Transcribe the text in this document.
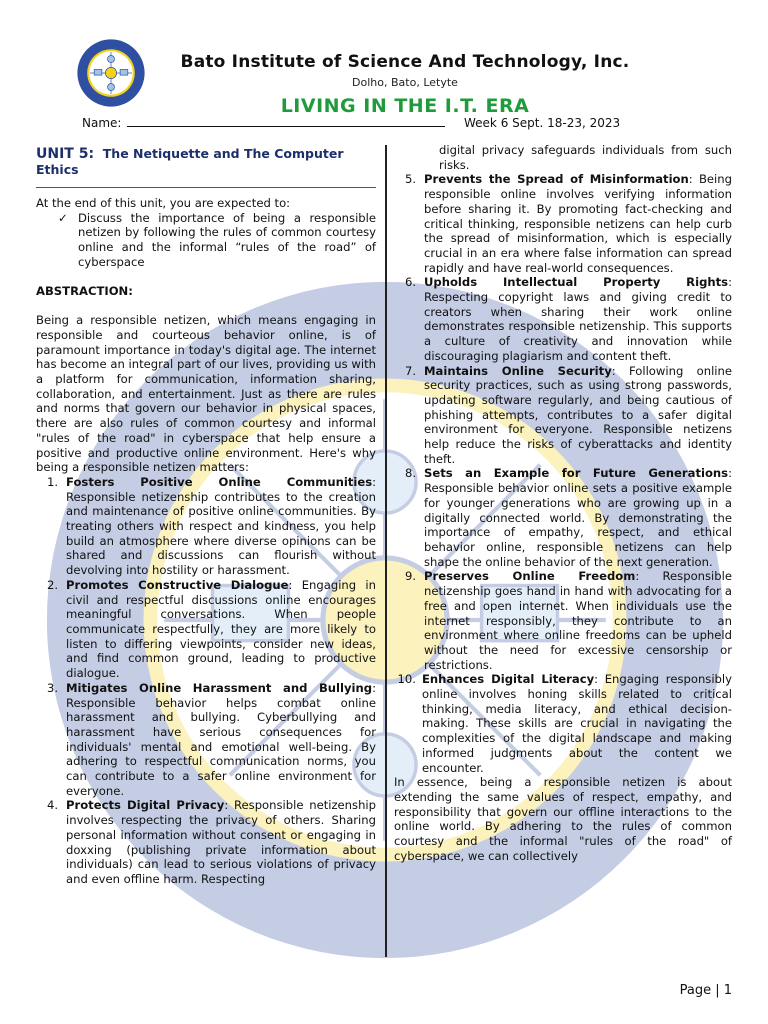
Bato Institute of Science And Technology, Inc.
Dolho, Bato, Letyte
LIVING IN THE I.T. ERA
Name:	Week 6 Sept. 18-23, 2023
UNIT 5: The Netiquette and The Computer Ethics

At the end of this unit, you are expected to:

✓ Discuss the importance of being a responsible netizen by following the rules of common courtesy online and the informal “rules of the road” of cyberspace
ABSTRACTION:

Being a responsible netizen, which means engaging in responsible and courteous behavior online, is of paramount importance in today's digital age. The internet has become an integral part of our lives, providing us with a platform for communication, information sharing, collaboration, and entertainment. Just as there are rules and norms that govern our behavior in physical spaces, there are also rules of common courtesy and informal "rules of the road" in cyberspace that help ensure a positive and productive online environment. Here's why being a responsible netizen matters:

1. Fosters Positive Online Communities: Responsible netizenship contributes to the creation and maintenance of positive online communities. By treating others with respect and kindness, you help build an atmosphere where diverse opinions can be shared and discussions can flourish without devolving into hostility or harassment.
2. Promotes Constructive Dialogue: Engaging in civil and respectful discussions online encourages meaningful conversations. When people communicate respectfully, they are more likely to listen to differing viewpoints, consider new ideas, and find common ground, leading to productive dialogue.
3. Mitigates Online Harassment and Bullying: Responsible behavior helps combat online harassment and bullying. Cyberbullying and harassment have serious consequences for individuals' mental and emotional well-being. By adhering to respectful communication norms, you can contribute to a safer online environment for everyone.
4. Protects Digital Privacy: Responsible netizenship involves respecting the privacy of others. Sharing personal information without consent or engaging in doxxing (publishing private information about individuals) can lead to serious violations of privacy and even offline harm. Respecting

digital privacy safeguards individuals from such risks.

5. Prevents the Spread of Misinformation: Being responsible online involves verifying information before sharing it. By promoting fact-checking and critical thinking, responsible netizens can help curb the spread of misinformation, which is especially crucial in an era where false information can spread rapidly and have real-world consequences.
6. Upholds Intellectual Property Rights: Respecting copyright laws and giving credit to creators when sharing their work online demonstrates responsible netizenship. This supports a culture of creativity and innovation while discouraging plagiarism and content theft.
7. Maintains Online Security: Following online security practices, such as using strong passwords, updating software regularly, and being cautious of phishing attempts, contributes to a safer digital environment for everyone. Responsible netizens help reduce the risks of cyberattacks and identity theft.
8. Sets an Example for Future Generations: Responsible behavior online sets a positive example for younger generations who are growing up in a digitally connected world. By demonstrating the importance of empathy, respect, and ethical behavior online, responsible netizens can help shape the online behavior of the next generation.
9. Preserves Online Freedom: Responsible netizenship goes hand in hand with advocating for a free and open internet. When individuals use the internet responsibly, they contribute to an environment where online freedoms can be upheld without the need for excessive censorship or restrictions.
10. Enhances Digital Literacy: Engaging responsibly online involves honing skills related to critical thinking, media literacy, and ethical decision-making. These skills are crucial in navigating the complexities of the digital landscape and making informed judgments about the content we encounter.

In essence, being a responsible netizen is about extending the same values of respect, empathy, and responsibility that govern our offline interactions to the online world. By adhering to the rules of common courtesy and the informal "rules of the road" of cyberspace, we can collectively

Page | 1
